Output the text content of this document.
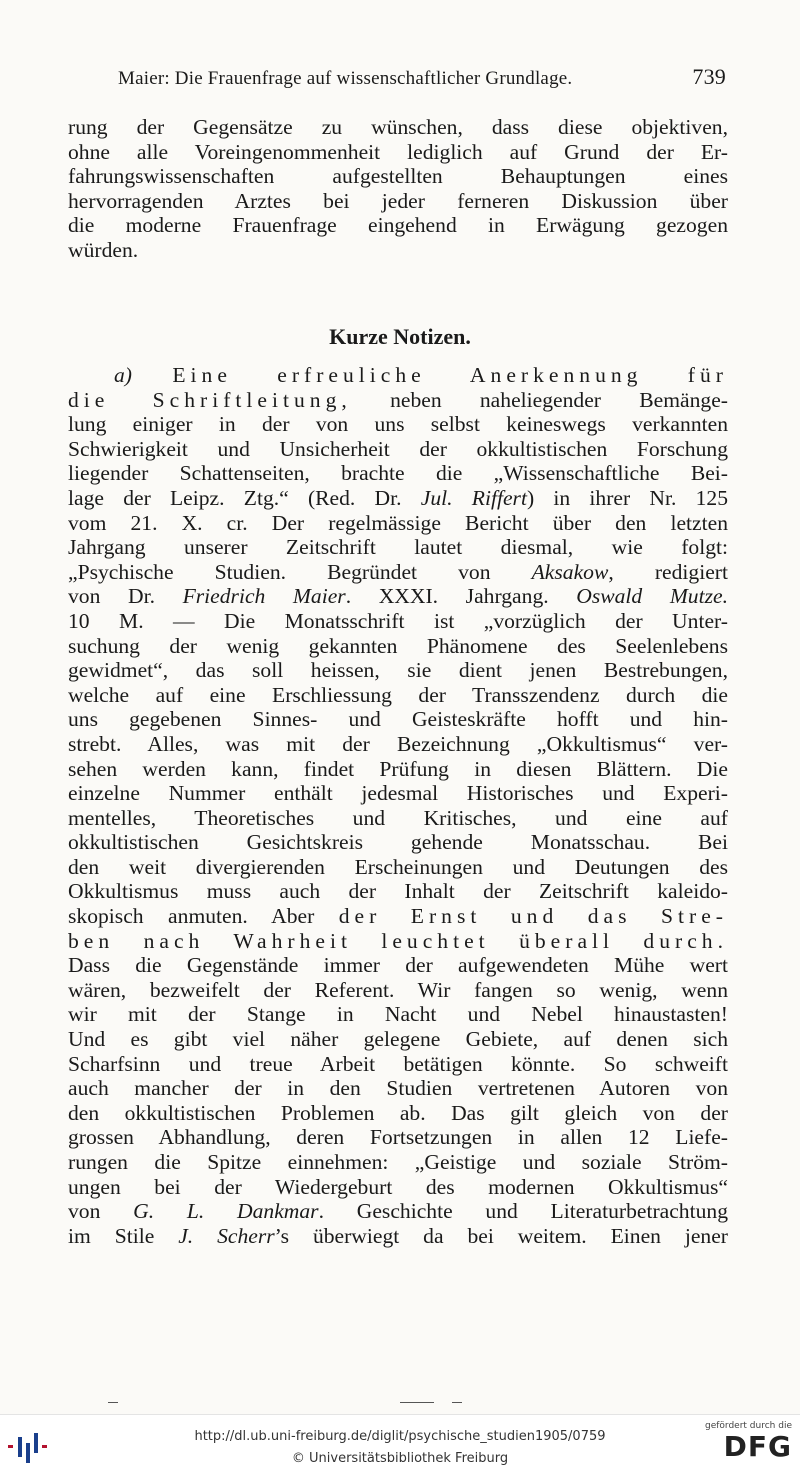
Maier: Die Frauenfrage auf wissenschaftlicher Grundlage.	739
rung der Gegensätze zu wünschen, dass diese objektiven,
ohne alle Voreingenommenheit lediglich auf Grund der Er-
fahrungswissenschaften aufgestellten Behauptungen eines
hervorragenden Arztes bei jeder ferneren Diskussion über
die moderne Frauenfrage eingehend in Erwägung gezogen
würden.
Kurze Notizen.
a) Eine erfreuliche Anerkennung für
die Schriftleitung, neben naheliegender Bemänge-
lung einiger in der von uns selbst keineswegs verkannten
Schwierigkeit und Unsicherheit der okkultistischen Forschung
liegender Schattenseiten, brachte die „Wissenschaftliche Bei-
lage der Leipz. Ztg.“ (Red. Dr. Jul. Riffert) in ihrer Nr. 125
vom 21. X. cr. Der regelmässige Bericht über den letzten
Jahrgang unserer Zeitschrift lautet diesmal, wie folgt:
„Psychische Studien. Begründet von Aksakow, redigiert
von Dr. Friedrich Maier. XXXI. Jahrgang. Oswald Mutze.
10 M. — Die Monatsschrift ist „vorzüglich der Unter-
suchung der wenig gekannten Phänomene des Seelenlebens
gewidmet“, das soll heissen, sie dient jenen Bestrebungen,
welche auf eine Erschliessung der Transszendenz durch die
uns gegebenen Sinnes- und Geisteskräfte hofft und hin-
strebt. Alles, was mit der Bezeichnung „Okkultismus“ ver-
sehen werden kann, findet Prüfung in diesen Blättern. Die
einzelne Nummer enthält jedesmal Historisches und Experi-
mentelles, Theoretisches und Kritisches, und eine auf
okkultistischen Gesichtskreis gehende Monatsschau. Bei
den weit divergierenden Erscheinungen und Deutungen des
Okkultismus muss auch der Inhalt der Zeitschrift kaleido-
skopisch anmuten. Aber der Ernst und das Stre-
ben nach Wahrheit leuchtet überall durch.
Dass die Gegenstände immer der aufgewendeten Mühe wert
wären, bezweifelt der Referent. Wir fangen so wenig, wenn
wir mit der Stange in Nacht und Nebel hinaustasten!
Und es gibt viel näher gelegene Gebiete, auf denen sich
Scharfsinn und treue Arbeit betätigen könnte. So schweift
auch mancher der in den Studien vertretenen Autoren von
den okkultistischen Problemen ab. Das gilt gleich von der
grossen Abhandlung, deren Fortsetzungen in allen 12 Liefe-
rungen die Spitze einnehmen: „Geistige und soziale Ström-
ungen bei der Wiedergeburt des modernen Okkultismus“
von G. L. Dankmar. Geschichte und Literaturbetrachtung
im Stile J. Scherr’s überwiegt da bei weitem. Einen jener
http://dl.ub.uni-freiburg.de/diglit/psychische_studien1905/0759
© Universitätsbibliothek Freiburg
gefördert durch die
DFG
